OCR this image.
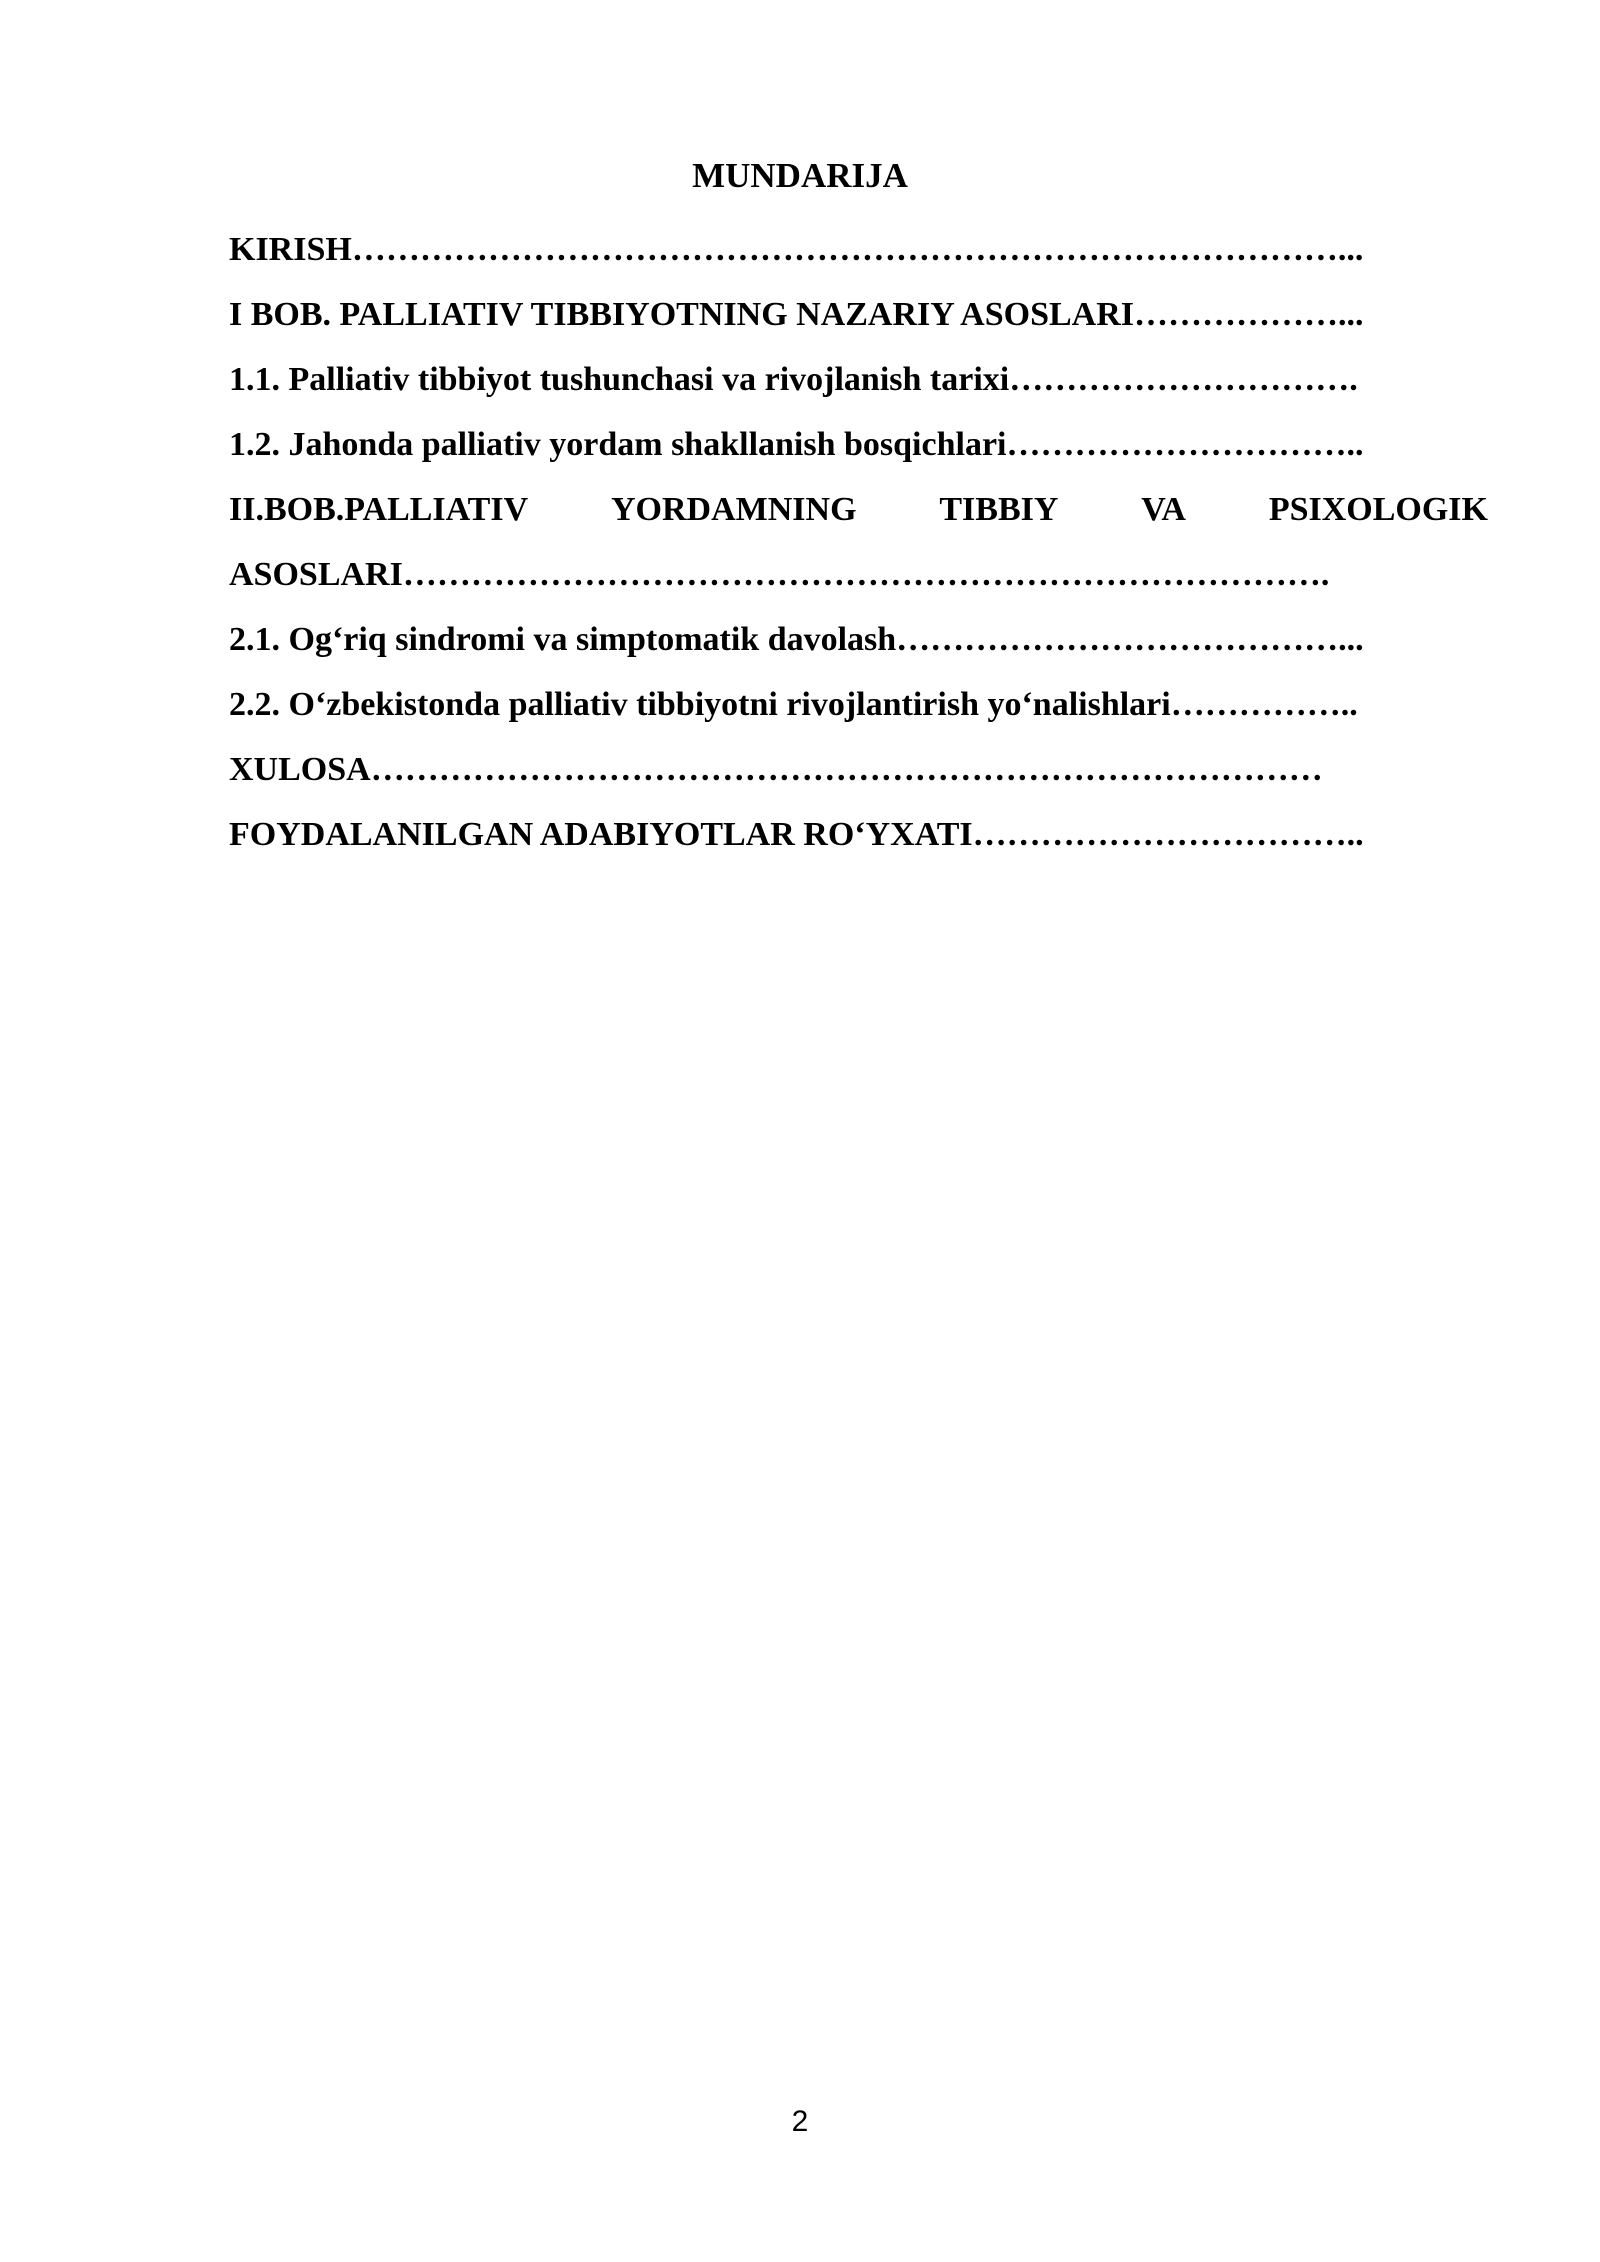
MUNDARIJA
KIRISH……………………………………………………………………………...
I BOB. PALLIATIV TIBBIYOTNING NAZARIY ASOSLARI………………...
1.1. Palliativ tibbiyot tushunchasi va rivojlanish tarixi………………………….
1.2. Jahonda palliativ yordam shakllanish bosqichlari…………………………..
II.BOB.PALLIATIV YORDAMNING TIBBIY VA PSIXOLOGIK
ASOSLARI……………………………………………………………………….
2.1. Og‘riq sindromi va simptomatik davolash…………………………………...
2.2. O‘zbekistonda palliativ tibbiyotni rivojlantirish yo‘nalishlari……………..
XULOSA…………………………………………………………………………
FOYDALANILGAN ADABIYOTLAR RO‘YXATI……………………………..
2
